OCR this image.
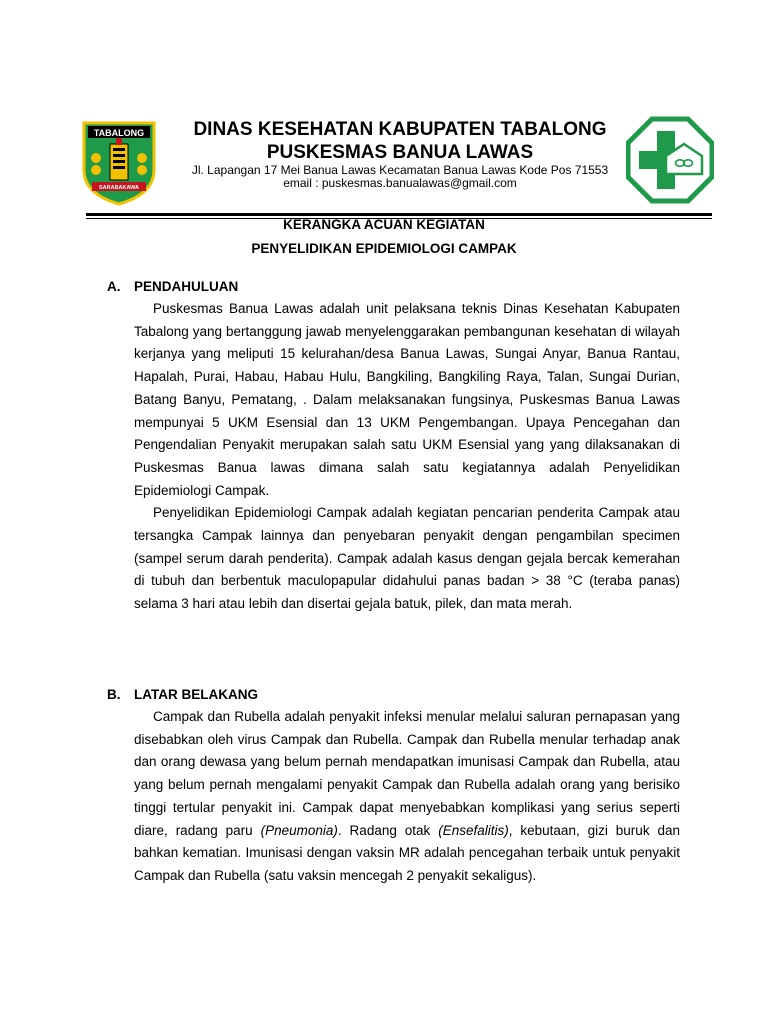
TABALONG
SARABAKAWA
DINAS KESEHATAN KABUPATEN TABALONG
PUSKESMAS BANUA LAWAS
Jl. Lapangan 17 Mei Banua Lawas Kecamatan Banua Lawas Kode Pos 71553
email : puskesmas.banualawas@gmail.com
KERANGKA ACUAN KEGIATAN
PENYELIDIKAN EPIDEMIOLOGI CAMPAK
A. PENDAHULUAN

Puskesmas Banua Lawas adalah unit pelaksana teknis Dinas Kesehatan Kabupaten Tabalong yang bertanggung jawab menyelenggarakan pembangunan kesehatan di wilayah kerjanya yang meliputi 15 kelurahan/desa Banua Lawas, Sungai Anyar, Banua Rantau, Hapalah, Purai, Habau, Habau Hulu, Bangkiling, Bangkiling Raya, Talan, Sungai Durian, Batang Banyu, Pematang, . Dalam melaksanakan fungsinya, Puskesmas Banua Lawas mempunyai 5 UKM Esensial dan 13 UKM Pengembangan. Upaya Pencegahan dan Pengendalian Penyakit merupakan salah satu UKM Esensial yang yang dilaksanakan di Puskesmas Banua lawas dimana salah satu kegiatannya adalah Penyelidikan Epidemiologi Campak.

Penyelidikan Epidemiologi Campak adalah kegiatan pencarian penderita Campak atau tersangka Campak lainnya dan penyebaran penyakit dengan pengambilan specimen (sampel serum darah penderita). Campak adalah kasus dengan gejala bercak kemerahan di tubuh dan berbentuk maculopapular didahului panas badan > 38 °C (teraba panas) selama 3 hari atau lebih dan disertai gejala batuk, pilek, dan mata merah.

B. LATAR BELAKANG

Campak dan Rubella adalah penyakit infeksi menular melalui saluran pernapasan yang disebabkan oleh virus Campak dan Rubella. Campak dan Rubella menular terhadap anak dan orang dewasa yang belum pernah mendapatkan imunisasi Campak dan Rubella, atau yang belum pernah mengalami penyakit Campak dan Rubella adalah orang yang berisiko tinggi tertular penyakit ini. Campak dapat menyebabkan komplikasi yang serius seperti diare, radang paru (Pneumonia). Radang otak (Ensefalitis), kebutaan, gizi buruk dan bahkan kematian. Imunisasi dengan vaksin MR adalah pencegahan terbaik untuk penyakit Campak dan Rubella (satu vaksin mencegah 2 penyakit sekaligus).
